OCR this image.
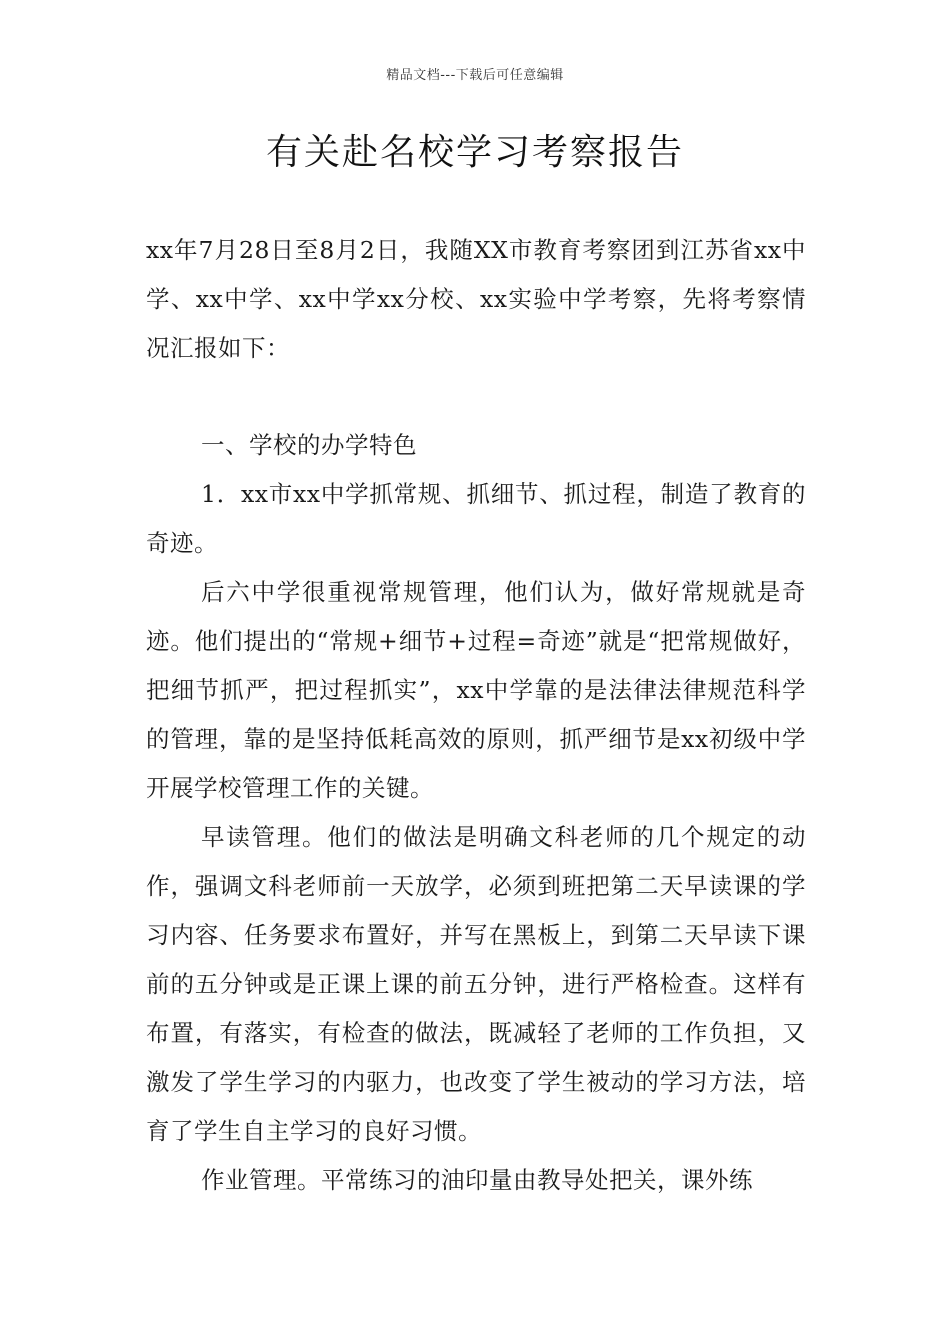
精品文档---下载后可任意编辑
有关赴名校学习考察报告

xx年7月28日至8月2日，我随XX市教育考察团到江苏省xx中学、xx中学、xx中学xx分校、xx实验中学考察，先将考察情况汇报如下：

一、学校的办学特色

1．xx市xx中学抓常规、抓细节、抓过程，制造了教育的奇迹。

后六中学很重视常规管理，他们认为，做好常规就是奇迹。他们提出的“常规+细节+过程=奇迹”就是“把常规做好，把细节抓严，把过程抓实”，xx中学靠的是法律法律规范科学的管理，靠的是坚持低耗高效的原则，抓严细节是xx初级中学开展学校管理工作的关键。

早读管理。他们的做法是明确文科老师的几个规定的动作，强调文科老师前一天放学，必须到班把第二天早读课的学习内容、任务要求布置好，并写在黑板上，到第二天早读下课前的五分钟或是正课上课的前五分钟，进行严格检查。这样有布置，有落实，有检查的做法，既减轻了老师的工作负担，又激发了学生学习的内驱力，也改变了学生被动的学习方法，培育了学生自主学习的良好习惯。

作业管理。平常练习的油印量由教导处把关，课外练
